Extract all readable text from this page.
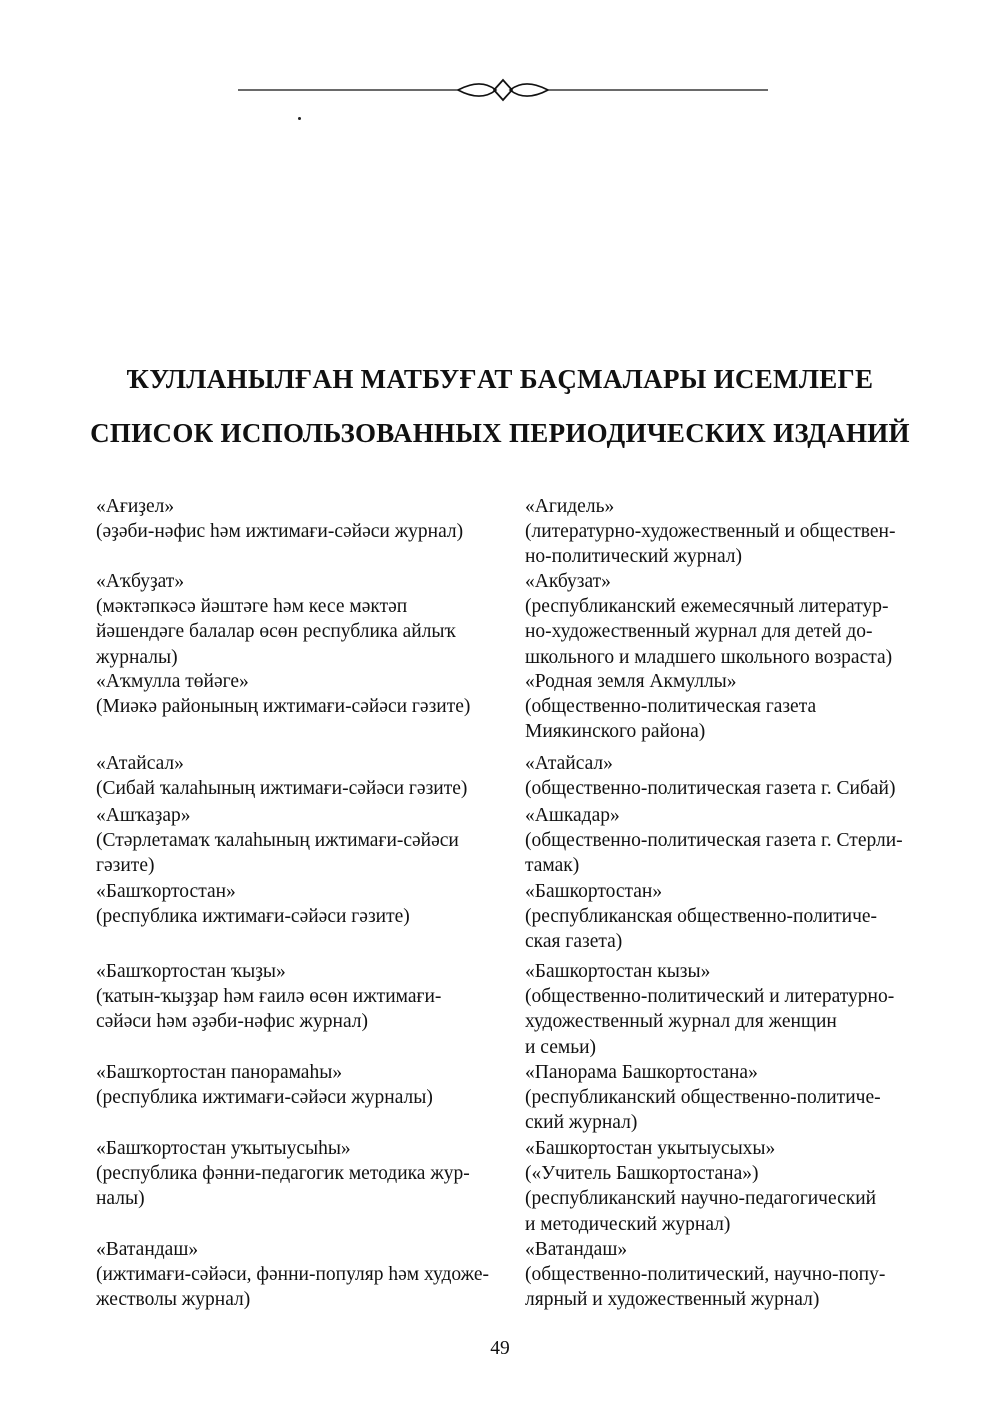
ҠУЛЛАНЫЛҒАН МАТБУҒАТ БАҪМАЛАРЫ ИСЕМЛЕГЕ
СПИСОК ИСПОЛЬЗОВАННЫХ ПЕРИОДИЧЕСКИХ ИЗДАНИЙ
«Ағиҙел»
(әҙәби-нәфис һәм ижтимағи-сәйәси журнал)
«Аҡбуҙат»
(мәктәпкәсә йәштәге һәм кесе мәктәп
йәшендәге балалар өсөн республика айлыҡ
журналы)
«Аҡмулла төйәге»
(Миәкә районының ижтимағи-сәйәси гәзите)
«Атайсал»
(Сибай ҡалаһының ижтимағи-сәйәси гәзите)
«Ашҡаҙар»
(Стәрлетамаҡ ҡалаһының ижтимағи-сәйәси
гәзите)
«Башҡортостан»
(республика ижтимағи-сәйәси гәзите)
«Башҡортостан ҡыҙы»
(ҡатын-ҡыҙҙар һәм ғаилә өсөн ижтимағи-
сәйәси һәм әҙәби-нәфис журнал)
«Башҡортостан панорамаһы»
(республика ижтимағи-сәйәси журналы)
«Башҡортостан уҡытыусыһы»
(республика фәнни-педагогик методика жур-
налы)
«Ватандаш»
(ижтимағи-сәйәси, фәнни-популяр һәм художе-
жестволы журнал)
«Агидель»
(литературно-художественный и обществен-
но-политический журнал)
«Акбузат»
(республиканский ежемесячный литератур-
но-художественный журнал для детей до-
школьного и младшего школьного возраста)
«Родная земля Акмуллы»
(общественно-политическая газета
Миякинского района)
«Атайсал»
(общественно-политическая газета г. Сибай)
«Ашкадар»
(общественно-политическая газета г. Стерли-
тамак)
«Башкортостан»
(республиканская общественно-политиче-
ская газета)
«Башкортостан кызы»
(общественно-политический и литературно-
художественный журнал для женщин
и семьи)
«Панорама Башкортостана»
(республиканский общественно-политиче-
ский журнал)
«Башкортостан укытыусыхы»
(«Учитель Башкортостана»)
(республиканский научно-педагогический
и методический журнал)
«Ватандаш»
(общественно-политический, научно-попу-
лярный и художественный журнал)
49
